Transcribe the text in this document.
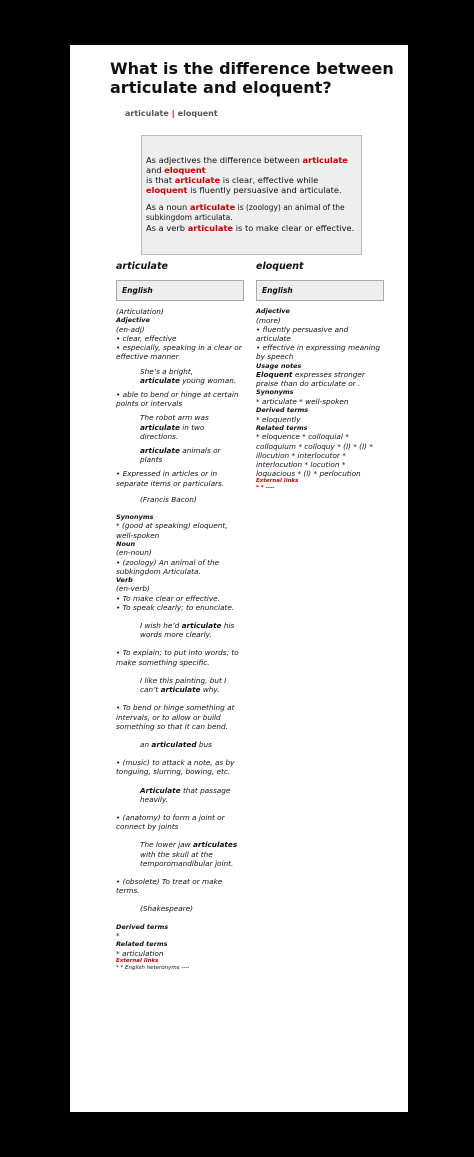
What is the difference between articulate and eloquent?
articulate | eloquent

As adjectives the difference between articulate and eloquent
is that articulate is clear, effective while eloquent is fluently persuasive and articulate.

As a noun articulate is (zoology) an animal of the subkingdom articulata.
As a verb articulate is to make clear or effective.

articulate
English
(Articulation)
Adjective
(en-adj)
• clear, effective
• especially, speaking in a clear or effective manner
She’s a bright,
articulate young woman.
• able to bend or hinge at certain points or intervals
The robot arm was
articulate in two directions.
articulate animals or plants
• Expressed in articles or in separate items or particulars.
(Francis Bacon)
Synonyms
* (good at speaking) eloquent, well-spoken
Noun
(en-noun)
• (zoology) An animal of the subkingdom Articulata.
Verb
(en-verb)
• To make clear or effective.
• To speak clearly; to enunciate.
I wish he’d articulate his words more clearly.
• To explain; to put into words; to make something specific.
I like this painting, but I can’t articulate why.
• To bend or hinge something at intervals, or to allow or build something so that it can bend.
an articulated bus
• (music) to attack a note, as by tonguing, slurring, bowing, etc.
Articulate that passage heavily.
• (anatomy) to form a joint or connect by joints
The lower jaw articulates with the skull at the temporomandibular joint.
• (obsolete) To treat or make terms.
(Shakespeare)
Derived terms
*
Related terms
* articulation
External links
* * English heteronyms ----
eloquent
English
Adjective
(more)
• fluently persuasive and articulate
• effective in expressing meaning by speech
Usage notes
Eloquent expresses stronger praise than do articulate or .
Synonyms
* articulate * well-spoken
Derived terms
* eloquently
Related terms
* eloquence * colloquial * colloquium * colloquy * (l) * (l) * illocution * interlocutor * interlocution * locution * loquacious * (l) * perlocution
External links
* * ----
